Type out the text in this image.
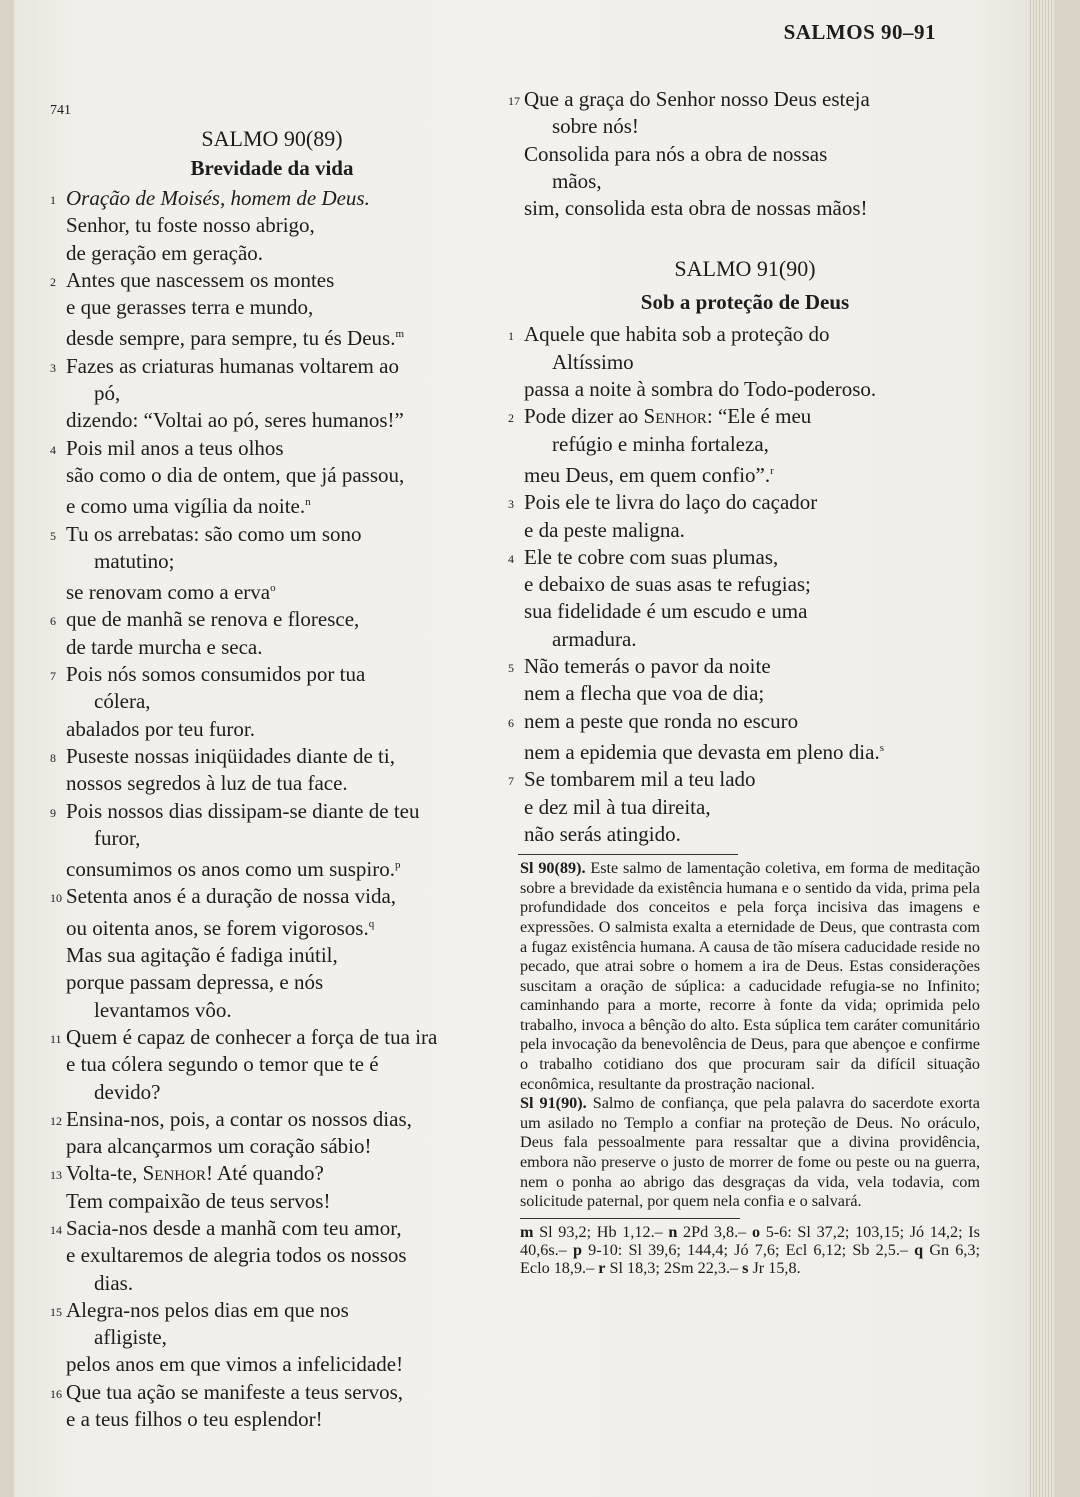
SALMOS 90–91
741
SALMO 90(89)
Brevidade da vida
1 Oração de Moisés, homem de Deus.
Senhor, tu foste nosso abrigo,
de geração em geração.
2 Antes que nascessem os montes
e que gerasses terra e mundo,
desde sempre, para sempre, tu és Deus.$^m$
3 Fazes as criaturas humanas voltarem ao
pó,
dizendo: “Voltai ao pó, seres humanos!”
4 Pois mil anos a teus olhos
são como o dia de ontem, que já passou,
e como uma vigília da noite.$^n$
5 Tu os arrebatas: são como um sono
matutino;
se renovam como a erva$^o$
6 que de manhã se renova e floresce,
de tarde murcha e seca.
7 Pois nós somos consumidos por tua
cólera,
abalados por teu furor.
8 Puseste nossas iniqüidades diante de ti,
nossos segredos à luz de tua face.
9 Pois nossos dias dissipam-se diante de teu
furor,
consumimos os anos como um suspiro.$^p$
10 Setenta anos é a duração de nossa vida,
ou oitenta anos, se forem vigorosos.$^q$
Mas sua agitação é fadiga inútil,
porque passam depressa, e nós
levantamos vôo.
11 Quem é capaz de conhecer a força de tua ira
e tua cólera segundo o temor que te é
devido?
12 Ensina-nos, pois, a contar os nossos dias,
para alcançarmos um coração sábio!
13 Volta-te, Senhor! Até quando?
Tem compaixão de teus servos!
14 Sacia-nos desde a manhã com teu amor,
e exultaremos de alegria todos os nossos
dias.
15 Alegra-nos pelos dias em que nos
afligiste,
pelos anos em que vimos a infelicidade!
16 Que tua ação se manifeste a teus servos,
e a teus filhos o teu esplendor!
17 Que a graça do Senhor nosso Deus esteja
sobre nós!
Consolida para nós a obra de nossas
mãos,
sim, consolida esta obra de nossas mãos!
SALMO 91(90)
Sob a proteção de Deus
1 Aquele que habita sob a proteção do
Altíssimo
passa a noite à sombra do Todo-poderoso.
2 Pode dizer ao Senhor: “Ele é meu
refúgio e minha fortaleza,
meu Deus, em quem confio”.$^r$
3 Pois ele te livra do laço do caçador
e da peste maligna.
4 Ele te cobre com suas plumas,
e debaixo de suas asas te refugias;
sua fidelidade é um escudo e uma
armadura.
5 Não temerás o pavor da noite
nem a flecha que voa de dia;
6 nem a peste que ronda no escuro
nem a epidemia que devasta em pleno dia.$^s$
7 Se tombarem mil a teu lado
e dez mil à tua direita,
não serás atingido.

Sl 90(89). Este salmo de lamentação coletiva, em forma de meditação sobre a brevidade da existência humana e o sentido da vida, prima pela profundidade dos conceitos e pela força incisiva das imagens e expressões. O salmista exalta a eternidade de Deus, que contrasta com a fugaz existência humana. A causa de tão mísera caducidade reside no pecado, que atrai sobre o homem a ira de Deus. Estas considerações suscitam a oração de súplica: a caducidade refugia-se no Infinito; caminhando para a morte, recorre à fonte da vida; oprimida pelo trabalho, invoca a bênção do alto. Esta súplica tem caráter comunitário pela invocação da benevolência de Deus, para que abençoe e confirme o trabalho cotidiano dos que procuram sair da difícil situação econômica, resultante da prostração nacional.

Sl 91(90). Salmo de confiança, que pela palavra do sacerdote exorta um asilado no Templo a confiar na proteção de Deus. No oráculo, Deus fala pessoalmente para ressaltar que a divina providência, embora não preserve o justo de morrer de fome ou peste ou na guerra, nem o ponha ao abrigo das desgraças da vida, vela todavia, com solicitude paternal, por quem nela confia e o salvará.

m Sl 93,2; Hb 1,12.– n 2Pd 3,8.– o 5-6: Sl 37,2; 103,15; Jó 14,2; Is 40,6s.– p 9-10: Sl 39,6; 144,4; Jó 7,6; Ecl 6,12; Sb 2,5.– q Gn 6,3; Eclo 18,9.– r Sl 18,3; 2Sm 22,3.– s Jr 15,8.
